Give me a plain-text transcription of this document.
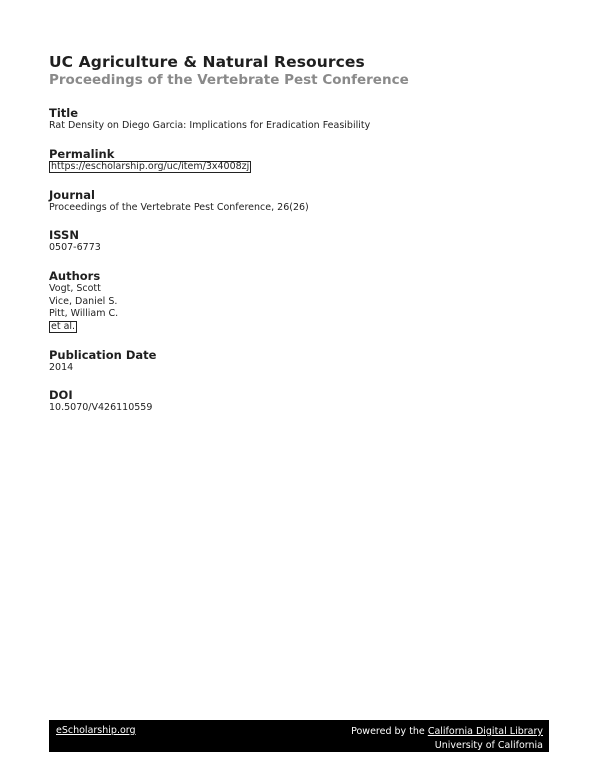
UC Agriculture & Natural Resources
Proceedings of the Vertebrate Pest Conference
Title
Rat Density on Diego Garcia: Implications for Eradication Feasibility
Permalink
https://escholarship.org/uc/item/3x4008zj
Journal
Proceedings of the Vertebrate Pest Conference, 26(26)
ISSN
0507-6773
Authors
Vogt, Scott
Vice, Daniel S.
Pitt, William C.
et al.
Publication Date
2014
DOI
10.5070/V426110559
eScholarship.org	Powered by the California Digital Library
University of California
